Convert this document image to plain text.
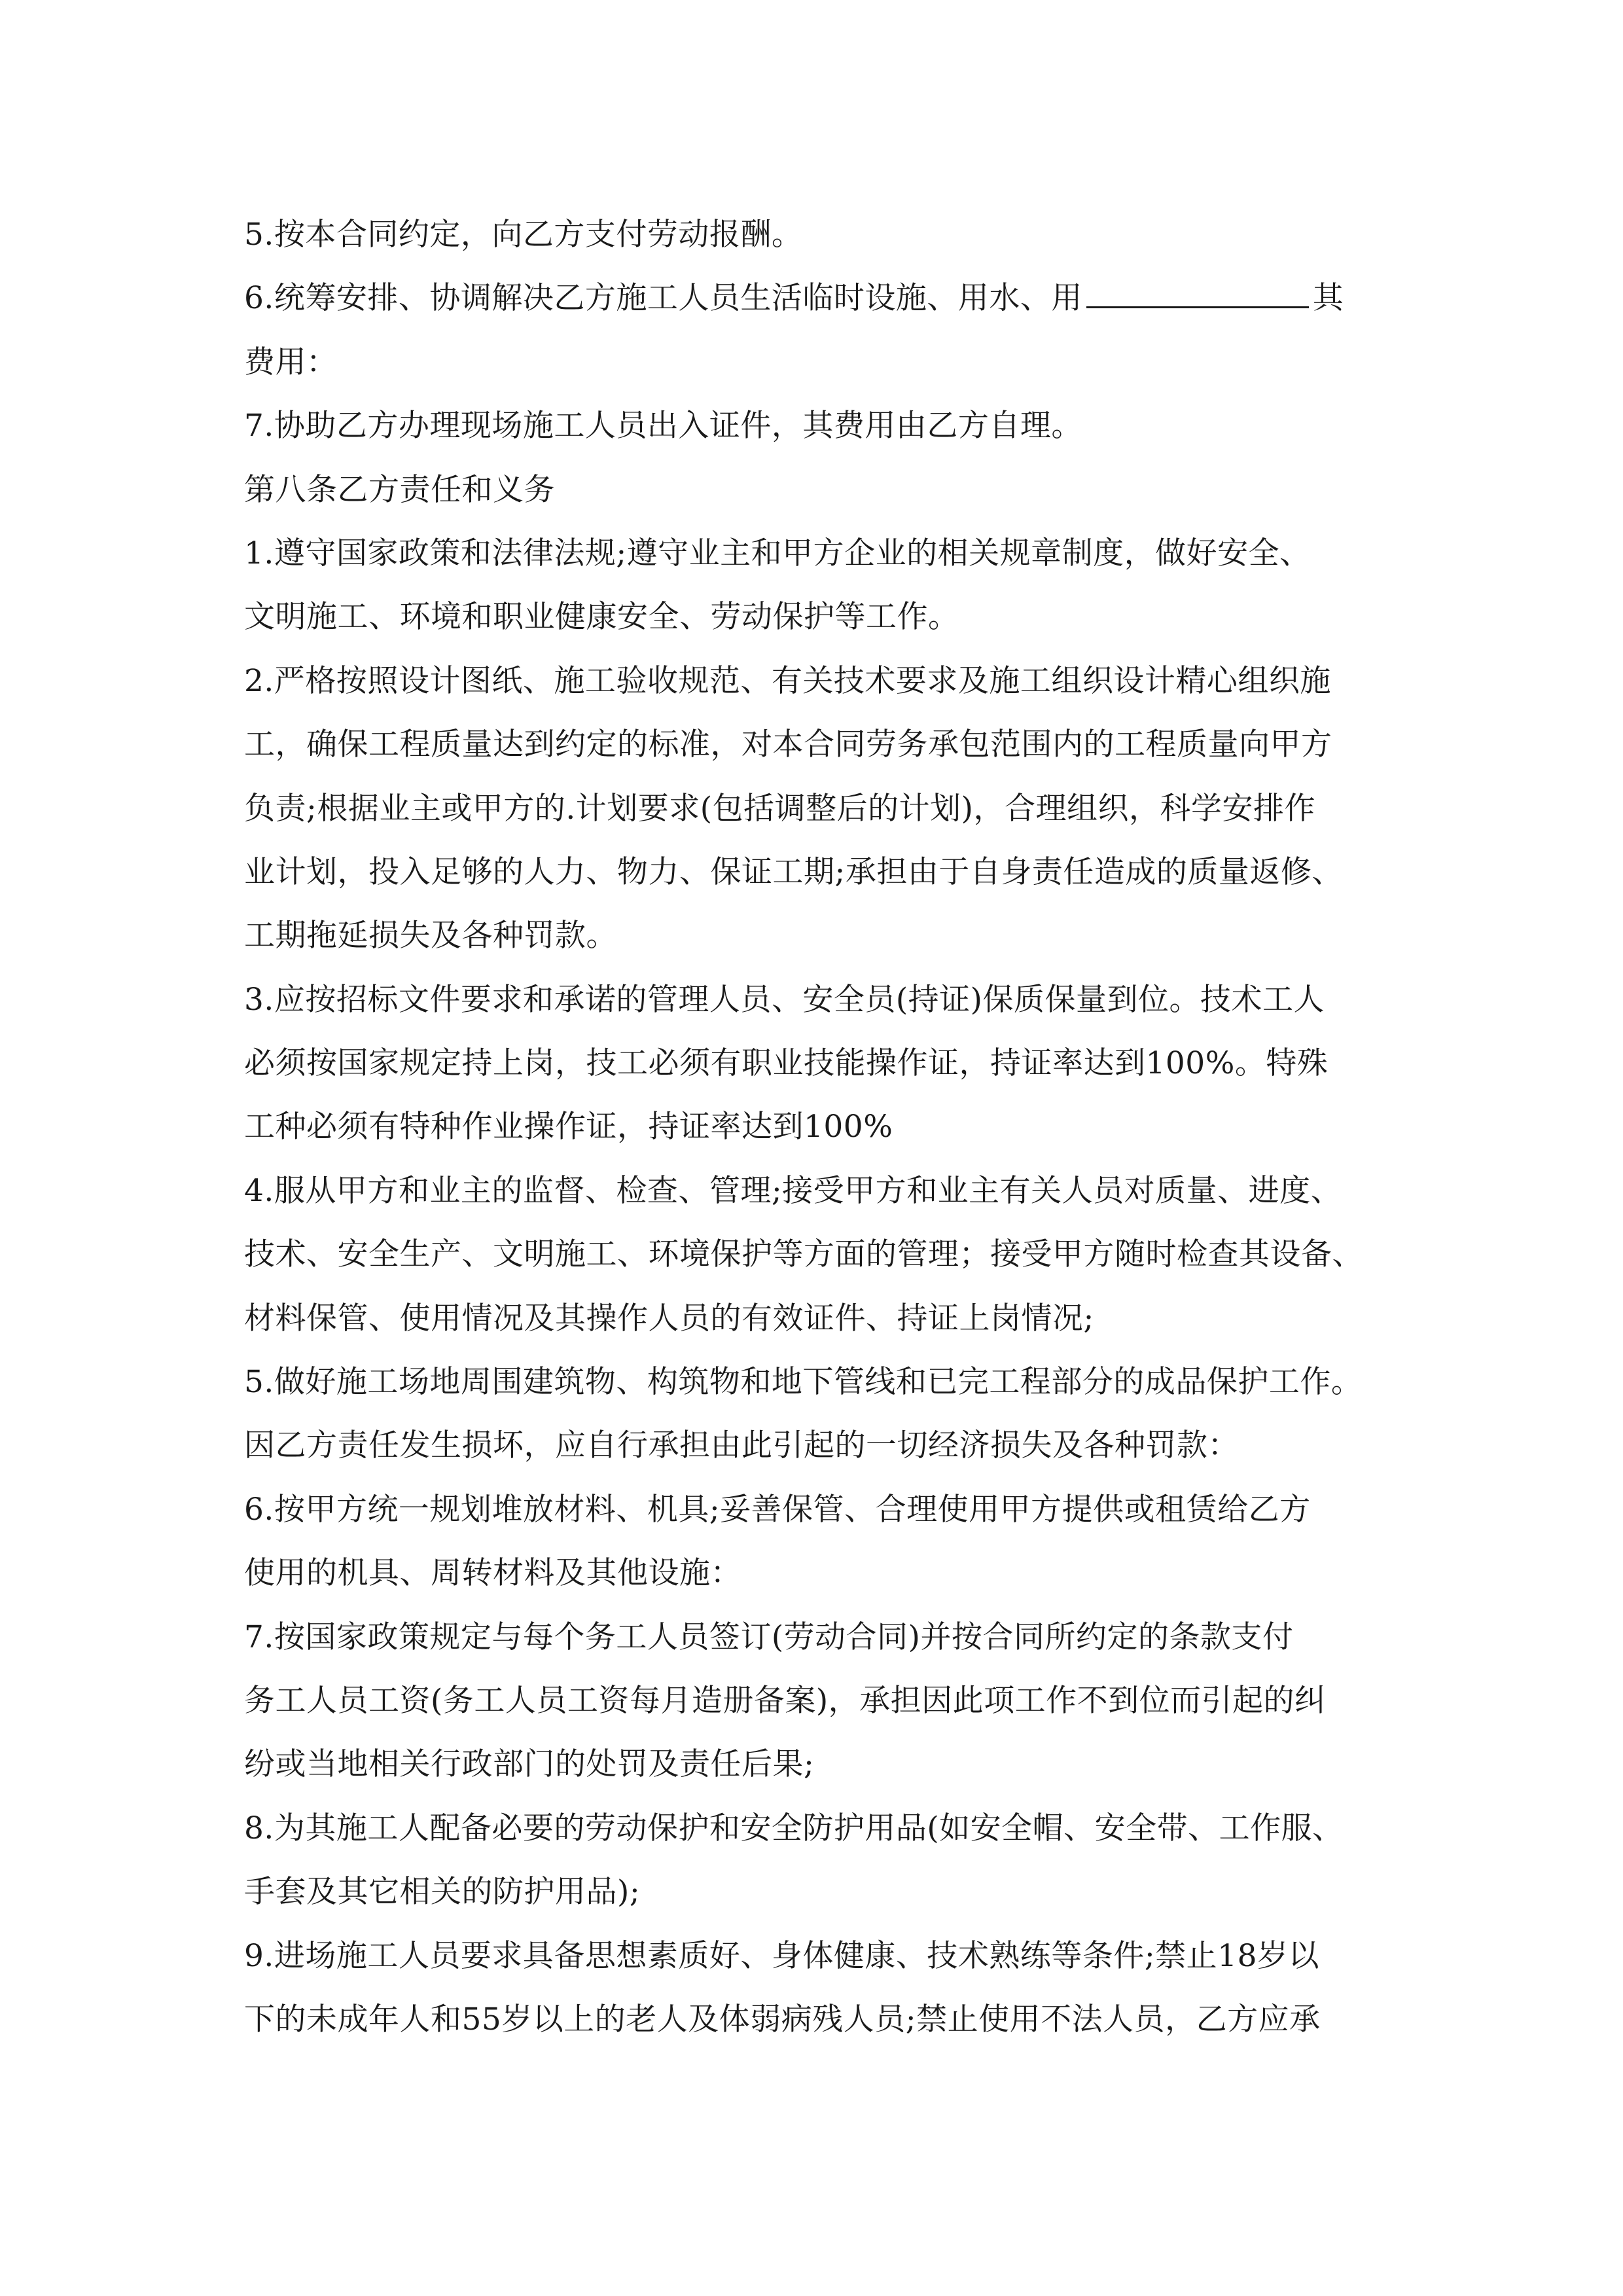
5.按本合同约定，向乙方支付劳动报酬。
6.统筹安排、协调解决乙方施工人员生活临时设施、用水、用	其
费用：
7.协助乙方办理现场施工人员出入证件，其费用由乙方自理。
第八条乙方责任和义务
1.遵守国家政策和法律法规;遵守业主和甲方企业的相关规章制度，做好安全、
文明施工、环境和职业健康安全、劳动保护等工作。
2.严格按照设计图纸、施工验收规范、有关技术要求及施工组织设计精心组织施
工，确保工程质量达到约定的标准，对本合同劳务承包范围内的工程质量向甲方
负责;根据业主或甲方的.计划要求(包括调整后的计划)，合理组织，科学安排作
业计划，投入足够的人力、物力、保证工期;承担由于自身责任造成的质量返修、
工期拖延损失及各种罚款。
3.应按招标文件要求和承诺的管理人员、安全员(持证)保质保量到位。技术工人
必须按国家规定持上岗，技工必须有职业技能操作证，持证率达到100%。特殊
工种必须有特种作业操作证，持证率达到100%
4.服从甲方和业主的监督、检查、管理;接受甲方和业主有关人员对质量、进度、
技术、安全生产、文明施工、环境保护等方面的管理；接受甲方随时检查其设备、
材料保管、使用情况及其操作人员的有效证件、持证上岗情况;
5.做好施工场地周围建筑物、构筑物和地下管线和已完工程部分的成品保护工作。
因乙方责任发生损坏，应自行承担由此引起的一切经济损失及各种罚款：
6.按甲方统一规划堆放材料、机具;妥善保管、合理使用甲方提供或租赁给乙方
使用的机具、周转材料及其他设施：
7.按国家政策规定与每个务工人员签订(劳动合同)并按合同所约定的条款支付
务工人员工资(务工人员工资每月造册备案)，承担因此项工作不到位而引起的纠
纷或当地相关行政部门的处罚及责任后果;
8.为其施工人配备必要的劳动保护和安全防护用品(如安全帽、安全带、工作服、
手套及其它相关的防护用品);
9.进场施工人员要求具备思想素质好、身体健康、技术熟练等条件;禁止18岁以
下的未成年人和55岁以上的老人及体弱病残人员;禁止使用不法人员，乙方应承
